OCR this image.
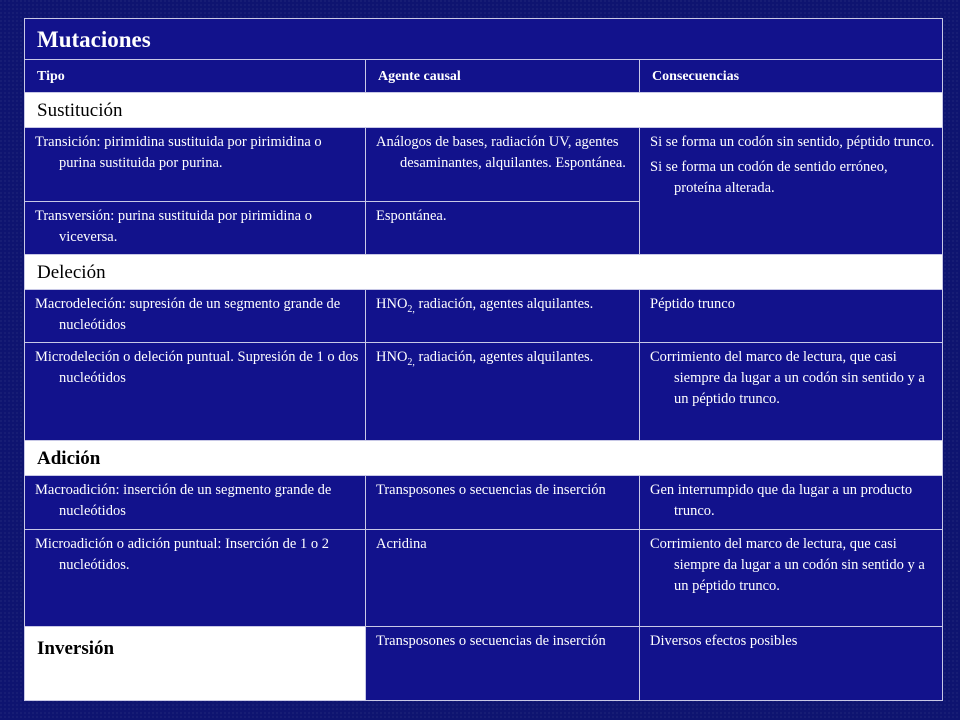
Mutaciones		

Tipo	Agente causal	Consecuencias

Sustitución		

Transición: pirimidina sustituida por pirimidina o purina sustituida por purina.	Análogos de bases, radiación UV, agentes desaminantes, alquilantes. Espontánea.	Si se forma un codón sin sentido, péptido trunco.
Si se forma un codón de sentido erróneo, proteína alterada.

Transversión: purina sustituida por pirimidina o viceversa.	Espontánea.	

Deleción		

Macrodeleción: supresión de un segmento grande de nucleótidos	$HNO_{2,}$ radiación, agentes alquilantes.	Péptido trunco

Microdeleción o deleción puntual. Supresión de 1 o dos nucleótidos	$HNO_{2,}$ radiación, agentes alquilantes.	Corrimiento del marco de lectura, que casi siempre da lugar a un codón sin sentido y a un péptido trunco.

Adición		

Macroadición: inserción de un segmento grande de nucleótidos	Transposones o secuencias de inserción	Gen interrumpido que da lugar a un producto trunco.

Microadición o adición puntual: Inserción de 1 o 2 nucleótidos.	Acridina	Corrimiento del marco de lectura, que casi siempre da lugar a un codón sin sentido y a un péptido trunco.

Inversión	Transposones o secuencias de inserción	Diversos efectos posibles
